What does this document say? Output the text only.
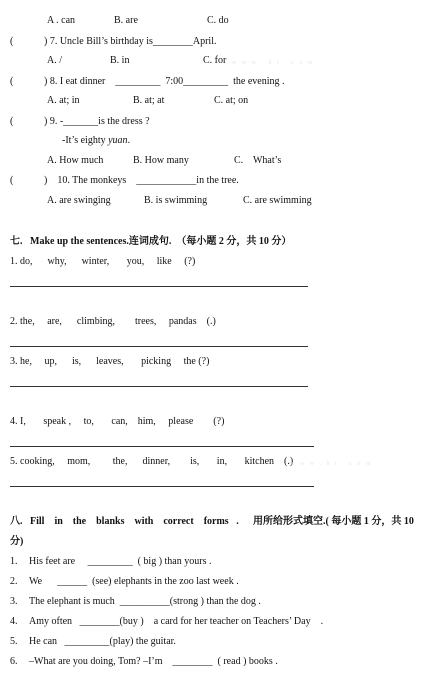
A . can	B. are	C. do
(	) 7. Uncle Bill’s birthday is________April.
A. /	B. in	C. for w w w . b i . c o m
(	) 8. I eat dinner    _________  7:00_________  the evening .
A. at; in	B. at; at	C. at; on
(	) 9. -_______is the dress ?
-It’s eighty yuan.
A. How much	B. How many	C.    What’s
(	)    10. The monkeys    ____________in the tree.
A. are swinging	B. is swimming	C. are swimming
七.   Make up the sentences.连词成句.  （每小题 2 分，共 10 分）
1. do,      why,      winter,       you,     like     (?)
2. the,     are,      climbing,        trees,     pandas    (.)
3. he,     up,      is,      leaves,       picking     the (?)
4. I,       speak ,     to,       can,    him,     please        (?)
5. cooking,     mom,         the,      dinner,        is,       in,       kitchen    (.)
w w w . b i . c o m
八.   Fill    in    the    blanks    with    correct    forms   . 用所给形式填空.( 每小题 1 分，共 10
分)
1. His feet are     _________  ( big ) than yours .
2. We      ______  (see) elephants in the zoo last week .
3. The elephant is much  __________(strong ) than the dog .
4. Amy often   ________(buy )    a card for her teacher on Teachers’ Day    .
5. He can   _________(play) the guitar.
6. –What are you doing, Tom? –I’m    ________  ( read ) books .
